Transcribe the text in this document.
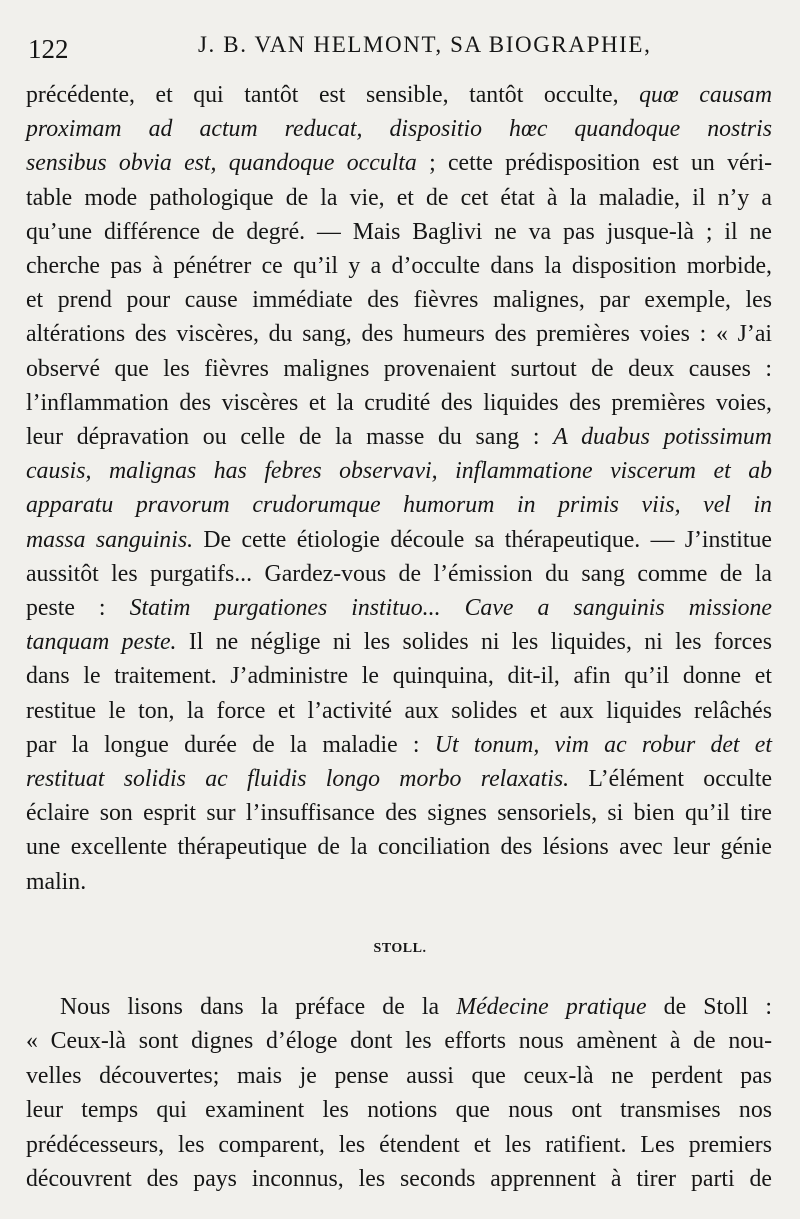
122	J. B. VAN HELMONT, SA BIOGRAPHIE,
précédente, et qui tantôt est sensible, tantôt occulte, quœ causam
proximam ad actum reducat, dispositio hœc quandoque nostris
sensibus obvia est, quandoque occulta ; cette prédisposition est un véri-
table mode pathologique de la vie, et de cet état à la maladie, il n’y a
qu’une différence de degré. — Mais Baglivi ne va pas jusque-là ; il ne
cherche pas à pénétrer ce qu’il y a d’occulte dans la disposition morbide,
et prend pour cause immédiate des fièvres malignes, par exemple, les
altérations des viscères, du sang, des humeurs des premières voies : « J’ai
observé que les fièvres malignes provenaient surtout de deux causes :
l’inflammation des viscères et la crudité des liquides des premières voies,
leur dépravation ou celle de la masse du sang : A duabus potissimum
causis, malignas has febres observavi, inflammatione viscerum et ab
apparatu pravorum crudorumque humorum in primis viis, vel in
massa sanguinis. De cette étiologie découle sa thérapeutique. — J’institue
aussitôt les purgatifs... Gardez-vous de l’émission du sang comme de la
peste : Statim purgationes instituo... Cave a sanguinis missione
tanquam peste. Il ne néglige ni les solides ni les liquides, ni les forces
dans le traitement. J’administre le quinquina, dit-il, afin qu’il donne et
restitue le ton, la force et l’activité aux solides et aux liquides relâchés
par la longue durée de la maladie : Ut tonum, vim ac robur det et
restituat solidis ac fluidis longo morbo relaxatis. L’élément occulte
éclaire son esprit sur l’insuffisance des signes sensoriels, si bien qu’il tire
une excellente thérapeutique de la conciliation des lésions avec leur génie
malin.
STOLL.
Nous lisons dans la préface de la Médecine pratique de Stoll :
« Ceux-là sont dignes d’éloge dont les efforts nous amènent à de nou-
velles découvertes; mais je pense aussi que ceux-là ne perdent pas
leur temps qui examinent les notions que nous ont transmises nos
prédécesseurs, les comparent, les étendent et les ratifient. Les premiers
découvrent des pays inconnus, les seconds apprennent à tirer parti de
